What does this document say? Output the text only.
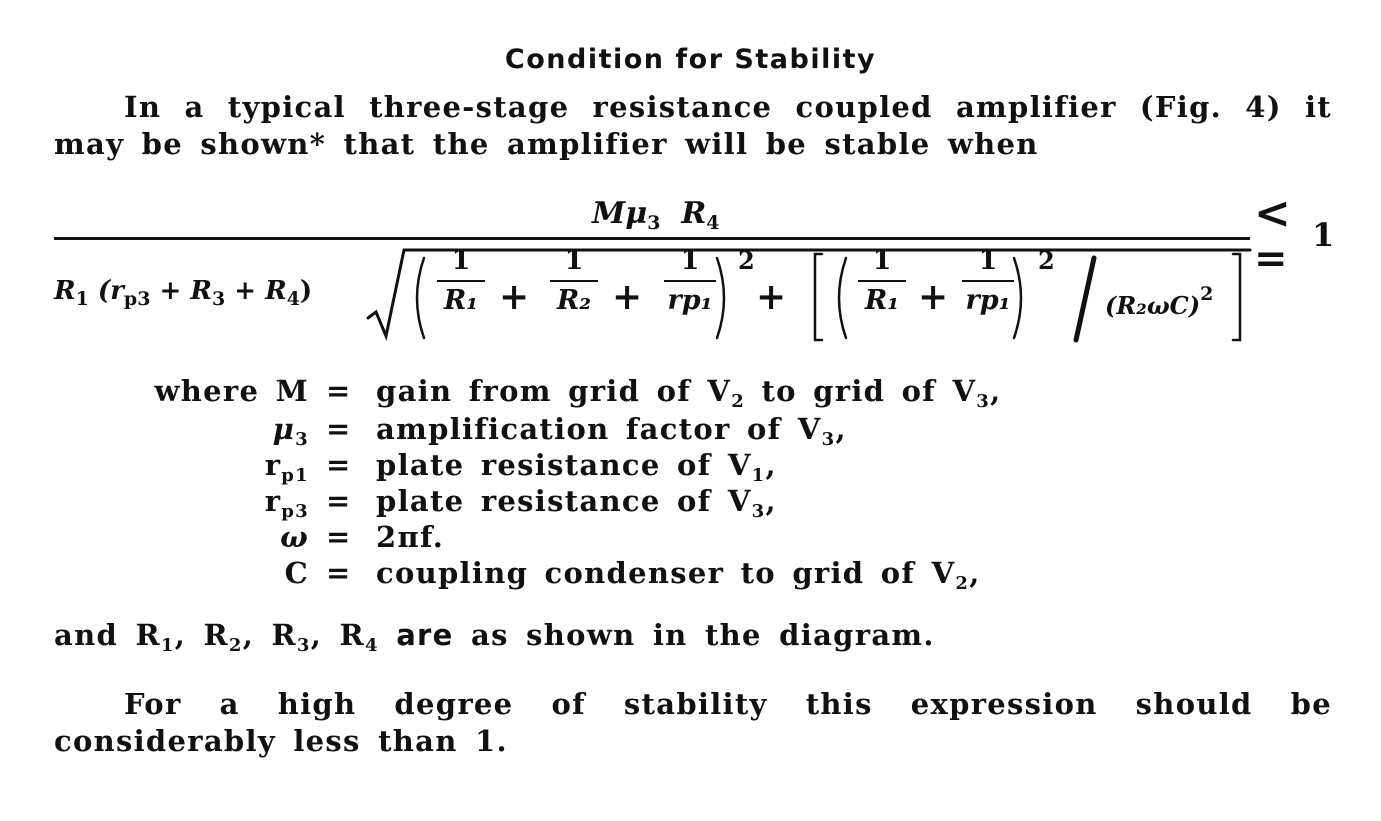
Condition for Stability
In a typical three-stage resistance coupled amplifier (Fig. 4) it may be shown* that the amplifier will be stable when
$M\mu_3$ $R_4$
$R_1$ $(r_{p3} + R_3 + R_4)$
1
R₁ +
1
R₂ +
1
rp₁
2
+
1
R₁ +
1
rp₁
2
$(R_2\omega C)^2$
<
= 1
where M = gain from grid of $V_2$ to grid of $V_3$,
$\mu_3$ = amplification factor of $V_3$,
$r_{p1}$ = plate resistance of $V_1$,
$r_{p3}$ = plate resistance of $V_3$,
ω = 2πf.
C = coupling condenser to grid of $V_2$,
and $R_1$, $R_2$, $R_3$, $R_4$ are as shown in the diagram.
For a high degree of stability this expression should be considerably less than 1.
